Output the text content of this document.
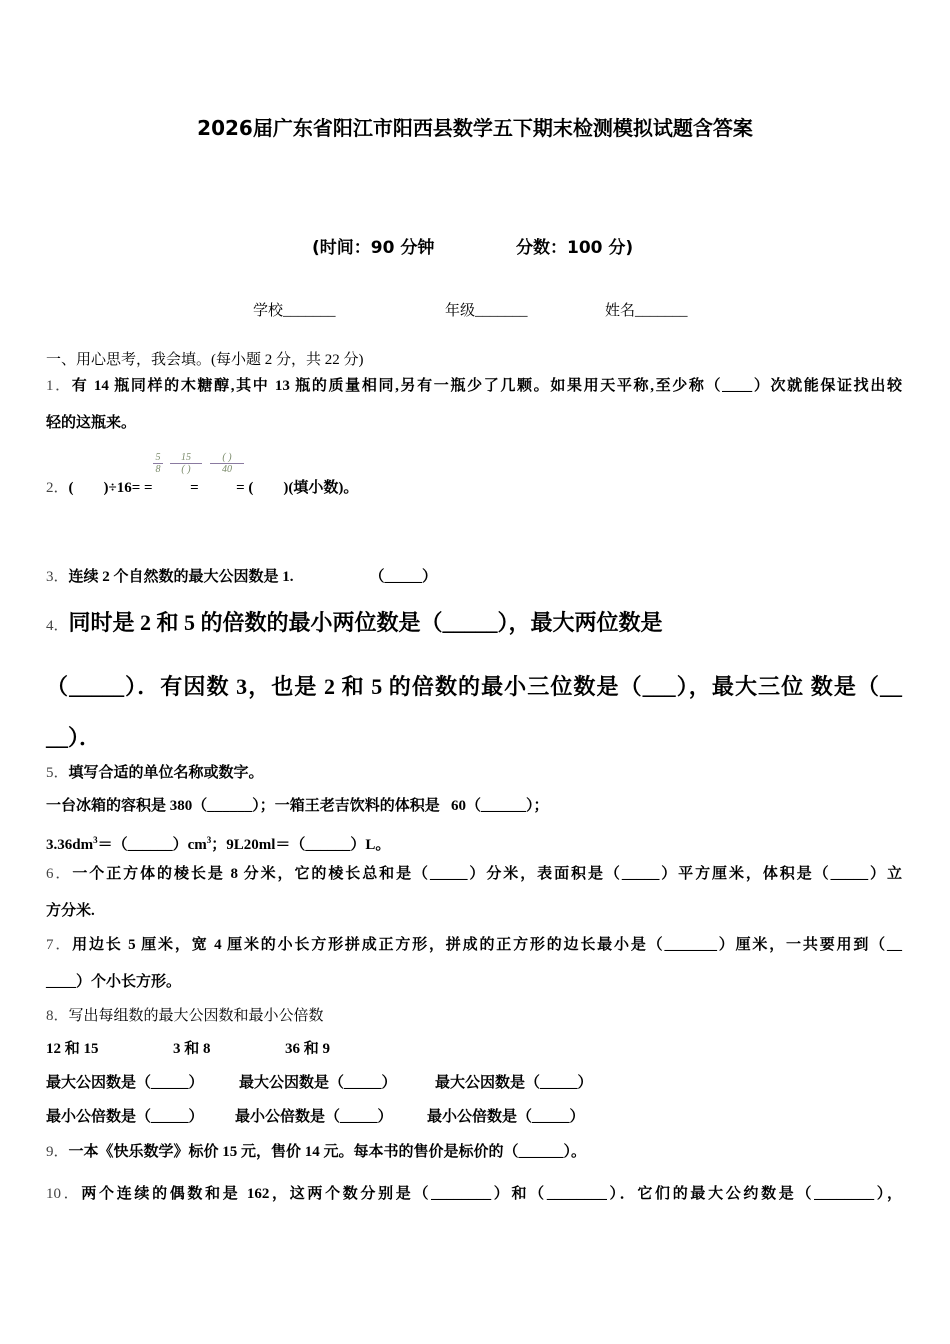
2026届广东省阳江市阳西县数学五下期末检测模拟试题含答案
(时间：90 分钟	分数：100 分)
学校_______	年级_______	姓名_______
一、用心思考，我会填。(每小题 2 分，共 22 分)
1．有 14 瓶同样的木糖醇,其中 13 瓶的质量相同,另有一瓶少了几颗。如果用天平称,至少称（____）次就能保证找出较
轻的这瓶来。
$\frac{5}{8}$	15
( )
( )
40
2．(        )÷16= =          =          = (        )(填小数)。
3．连续 2 个自然数的最大公因数是 1.	（_____）
4．同时是 2 和 5 的倍数的最小两位数是（_____），最大两位数是
（_____）．有因数 3，也是 2 和 5 的倍数的最小三位数是（___），最大三位 数是（__
__）．
5．填写合适的单位名称或数字。
一台冰箱的容积是 380（______）；一箱王老吉饮料的体积是   60（______）；
$3.36dm^3=(\_\_\_\_\_\_)cm^3$；9L20ml＝（______）L。
6．一个正方体的棱长是 8 分米，它的棱长总和是（_____）分米，表面积是（_____）平方厘米，体积是（_____）立
方分米.
7．用边长 5 厘米，宽 4 厘米的小长方形拼成正方形，拼成的正方形的边长最小是（_______）厘米，一共要用到（__
____）个小长方形。
8．写出每组数的最大公因数和最小公倍数
12 和 15	3 和 8	36 和 9
最大公因数是（_____） 最大公因数是（_____）	最大公因数是（_____）
最小公倍数是（_____） 最小公倍数是（_____） 最小公倍数是（_____）
9．一本《快乐数学》标价 15 元，售价 14 元。每本书的售价是标价的（______）。
10．两个连续的偶数和是 162，这两个数分别是（________）和（________）．它们的最大公约数是（________），
